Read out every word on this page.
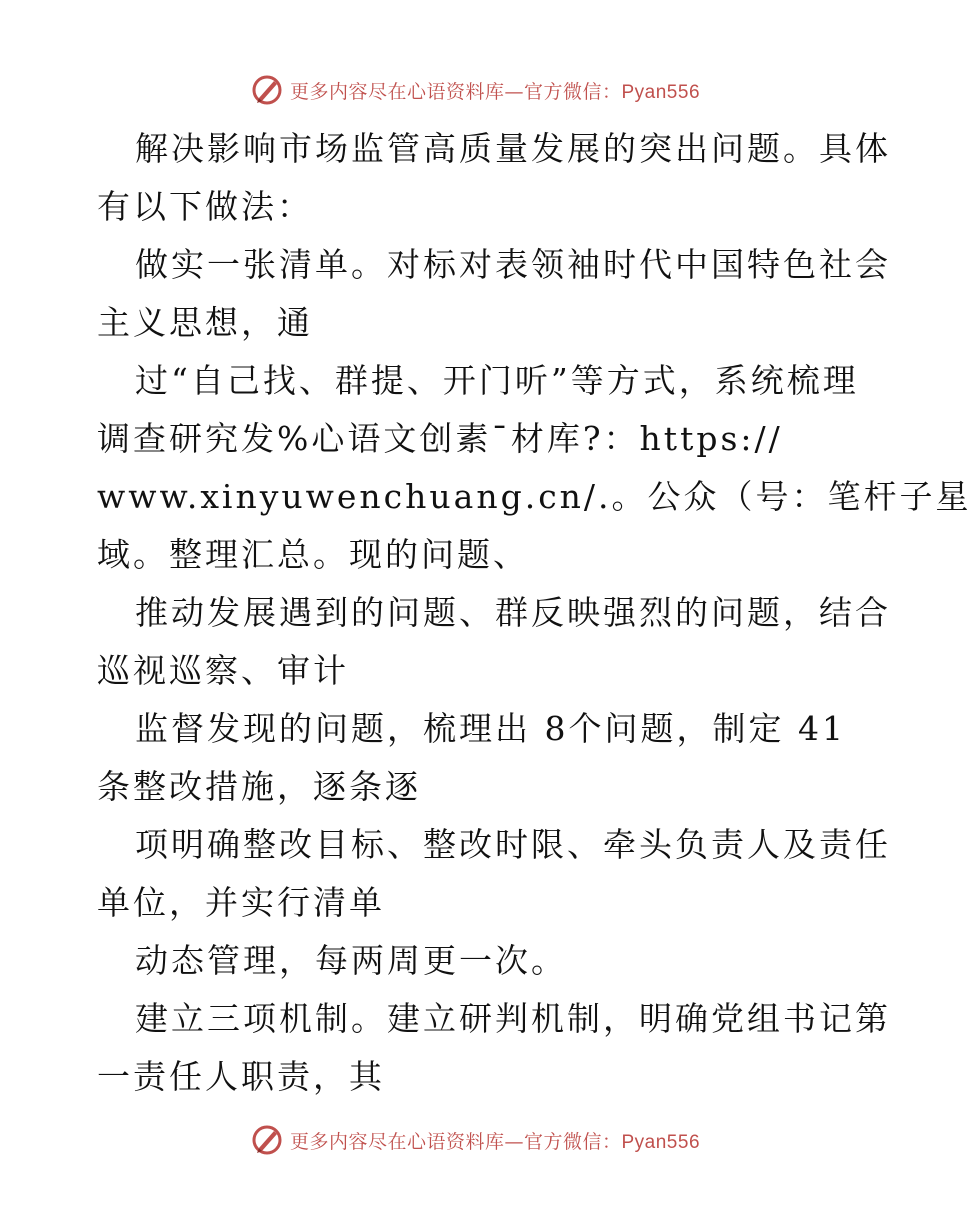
更多内容尽在心语资料库—官方微信：Pyan556
解决影响市场监管高质量发展的突出问题。具体
有以下做法：
做实一张清单。对标对表领袖时代中国特色社会
主义思想，通
过“自己找、群提、开门听”等方式，系统梳理
调查研究发%心语文创素¯材库?：https://
www.xinyuwenchuang.cn/.。公众（号：笔杆子星
域。整理汇总。现的问题、
推动发展遇到的问题、群反映强烈的问题，结合
巡视巡察、审计
监督发现的问题，梳理出 8个问题，制定 41
条整改措施，逐条逐
项明确整改目标、整改时限、牵头负责人及责任
单位，并实行清单
动态管理，每两周更一次。
建立三项机制。建立研判机制，明确党组书记第
一责任人职责，其
更多内容尽在心语资料库—官方微信：Pyan556
